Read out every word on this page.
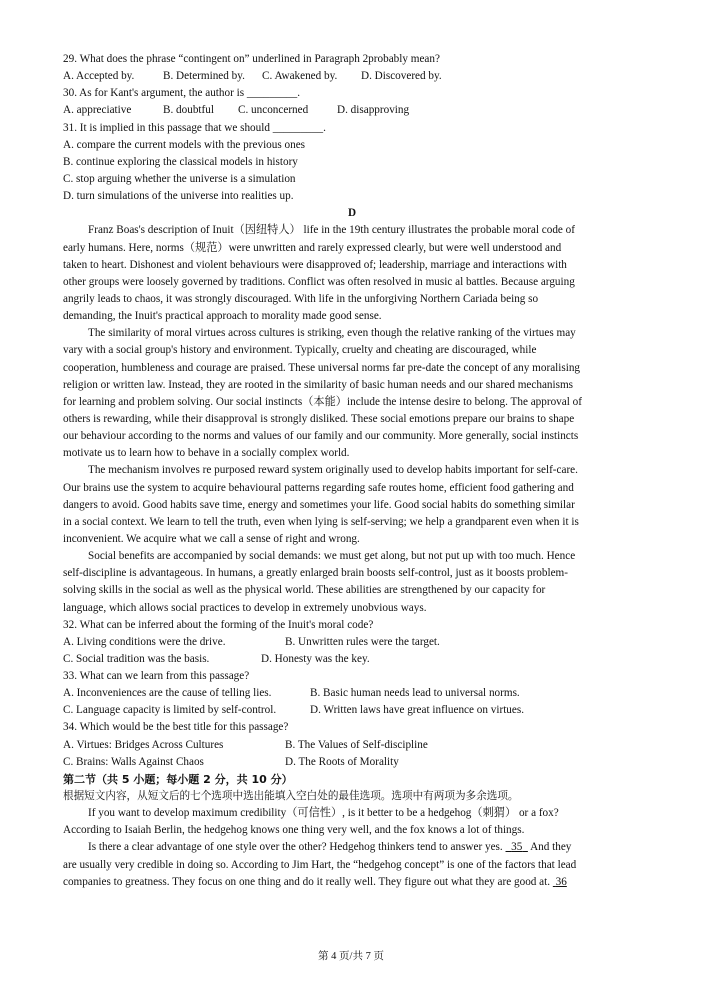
29. What does the phrase “contingent on” underlined in Paragraph 2probably mean?
A. Accepted by.	B. Determined by. C. Awakened by. D. Discovered by.
30. As for Kant's argument, the author is _________.
A. appreciative	B. doubtful C. unconcerned	D. disapproving
31. It is implied in this passage that we should _________.
A. compare the current models with the previous ones
B. continue exploring the classical models in history
C. stop arguing whether the universe is a simulation
D. turn simulations of the universe into realities up.
D
Franz Boas's description of Inuit（因纽特人） life in the 19th century illustrates the probable moral code of
early humans. Here, norms（规范）were unwritten and rarely expressed clearly, but were well understood and
taken to heart. Dishonest and violent behaviours were disapproved of; leadership, marriage and interactions with
other groups were loosely governed by traditions. Conflict was often resolved in music al battles. Because arguing
angrily leads to chaos, it was strongly discouraged. With life in the unforgiving Northern Cariada being so
demanding, the Inuit's practical approach to morality made good sense.
The similarity of moral virtues across cultures is striking, even though the relative ranking of the virtues may
vary with a social group's history and environment. Typically, cruelty and cheating are discouraged, while
cooperation, humbleness and courage are praised. These universal norms far pre-date the concept of any moralising
religion or written law. Instead, they are rooted in the similarity of basic human needs and our shared mechanisms
for learning and problem solving. Our social instincts（本能）include the intense desire to belong. The approval of
others is rewarding, while their disapproval is strongly disliked. These social emotions prepare our brains to shape
our behaviour according to the norms and values of our family and our community. More generally, social instincts
motivate us to learn how to behave in a socially complex world.
The mechanism involves re purposed reward system originally used to develop habits important for self-care.
Our brains use the system to acquire behavioural patterns regarding safe routes home, efficient food gathering and
dangers to avoid. Good habits save time, energy and sometimes your life. Good social habits do something similar
in a social context. We learn to tell the truth, even when lying is self-serving; we help a grandparent even when it is
inconvenient. We acquire what we call a sense of right and wrong.
Social benefits are accompanied by social demands: we must get along, but not put up with too much. Hence
self-discipline is advantageous. In humans, a greatly enlarged brain boosts self-control, just as it boosts problem-
solving skills in the social as well as the physical world. These abilities are strengthened by our capacity for
language, which allows social practices to develop in extremely unobvious ways.
32. What can be inferred about the forming of the Inuit's moral code?
A. Living conditions were the drive.	B. Unwritten rules were the target.
C. Social tradition was the basis.	D. Honesty was the key.
33. What can we learn from this passage?
A. Inconveniences are the cause of telling lies.	B. Basic human needs lead to universal norms.
C. Language capacity is limited by self-control.	D. Written laws have great influence on virtues.
34. Which would be the best title for this passage?
A. Virtues: Bridges Across Cultures	B. The Values of Self-discipline
C. Brains: Walls Against Chaos	D. The Roots of Morality
第二节（共 5 小题；每小题 2 分，共 10 分）
根据短文内容，从短文后的七个选项中选出能填入空白处的最佳选项。选项中有两项为多余选项。
If you want to develop maximum credibility（可信性）, is it better to be a hedgehog（刺猬） or a fox?
According to Isaiah Berlin, the hedgehog knows one thing very well, and the fox knows a lot of things.
Is there a clear advantage of one style over the other? Hedgehog thinkers tend to answer yes. 35 And they
are usually very credible in doing so. According to Jim Hart, the “hedgehog concept” is one of the factors that lead
companies to greatness. They focus on one thing and do it really well. They figure out what they are good at. 36
第 4 页/共 7 页
